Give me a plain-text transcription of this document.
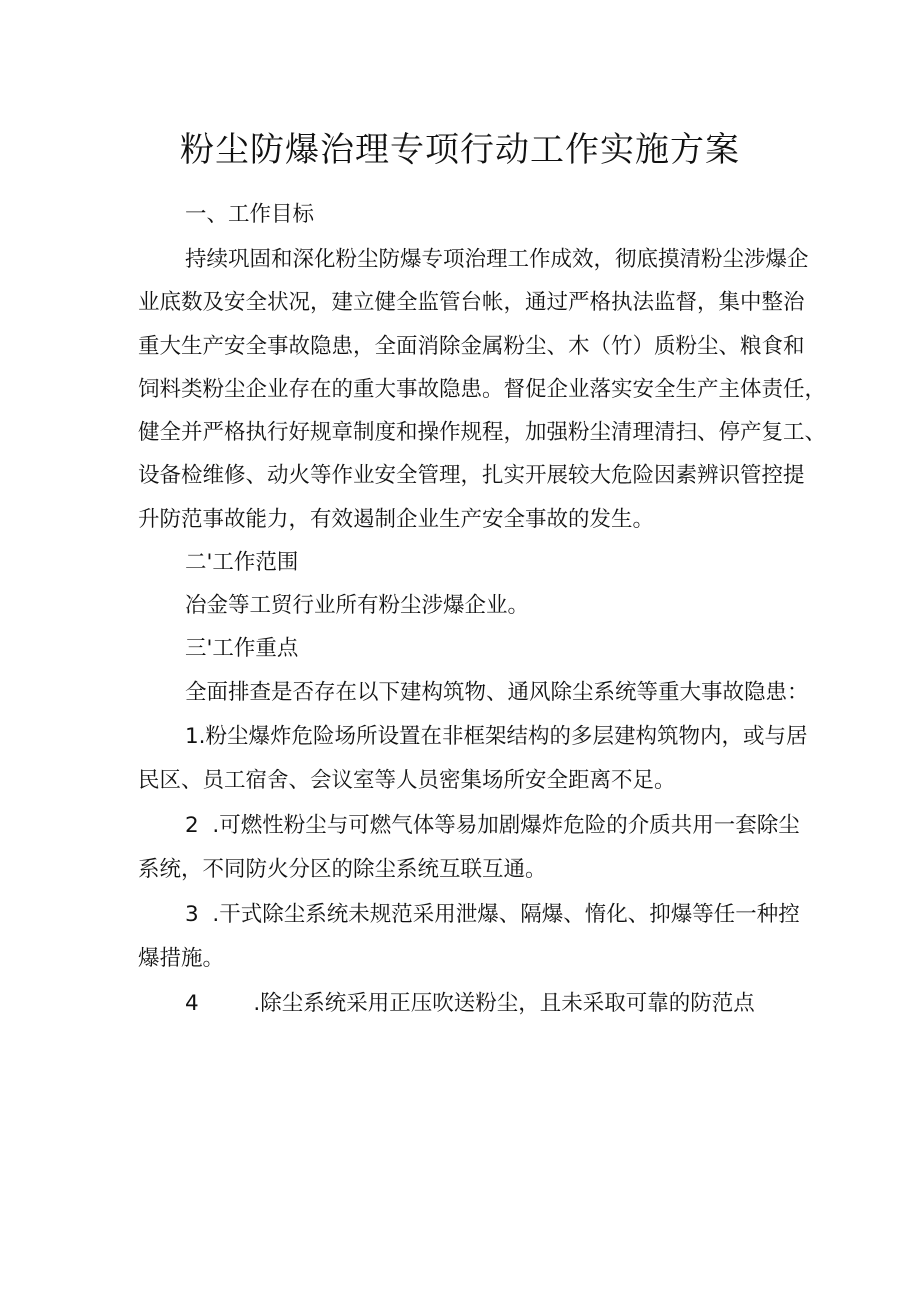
粉尘防爆治理专项行动工作实施方案

一、工作目标

持续巩固和深化粉尘防爆专项治理工作成效，彻底摸清粉尘涉爆企

业底数及安全状况，建立健全监管台帐，通过严格执法监督，集中整治

重大生产安全事故隐患，全面消除金属粉尘、木（竹）质粉尘、粮食和

饲料类粉尘企业存在的重大事故隐患。督促企业落实安全生产主体责任，

健全并严格执行好规章制度和操作规程，加强粉尘清理清扫、停产复工、

设备检维修、动火等作业安全管理，扎实开展较大危险因素辨识管控提

升防范事故能力，有效遏制企业生产安全事故的发生。

二'工作范围

冶金等工贸行业所有粉尘涉爆企业。

三'工作重点

全面排查是否存在以下建构筑物、通风除尘系统等重大事故隐患：

1.粉尘爆炸危险场所设置在非框架结构的多层建构筑物内，或与居

民区、员工宿舍、会议室等人员密集场所安全距离不足。

2  .可燃性粉尘与可燃气体等易加剧爆炸危险的介质共用一套除尘

系统，不同防火分区的除尘系统互联互通。

3  .干式除尘系统未规范采用泄爆、隔爆、惰化、抑爆等任一种控

爆措施。

4        .除尘系统采用正压吹送粉尘，且未采取可靠的防范点
